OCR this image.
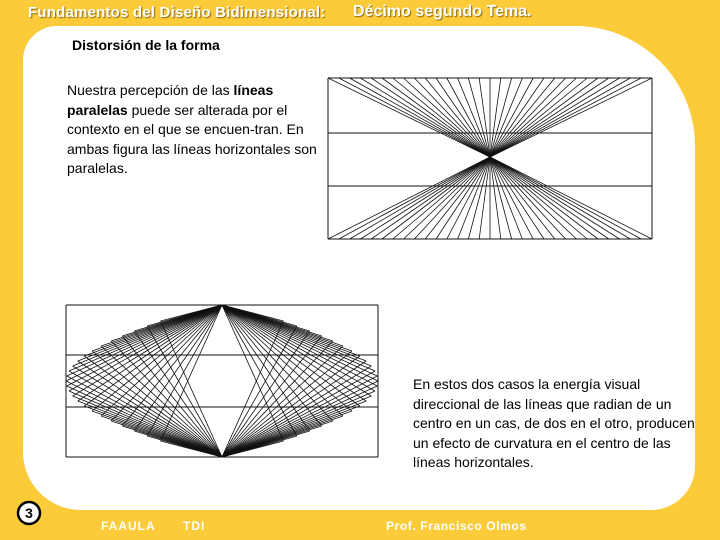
Fundamentos del Diseño Bidimensional: Décimo segundo Tema.
Distorsión de la forma
Nuestra percepción de las líneas paralelas puede ser alterada por el contexto en el que se encuen-tran. En ambas figura las líneas horizontales son paralelas.
En estos dos casos la energía visual direccional de las líneas que radian de un centro en un cas, de dos en el otro, producen un efecto de curvatura en el centro de las líneas horizontales.
3
FAAULA TDI	Prof. Francisco Olmos
